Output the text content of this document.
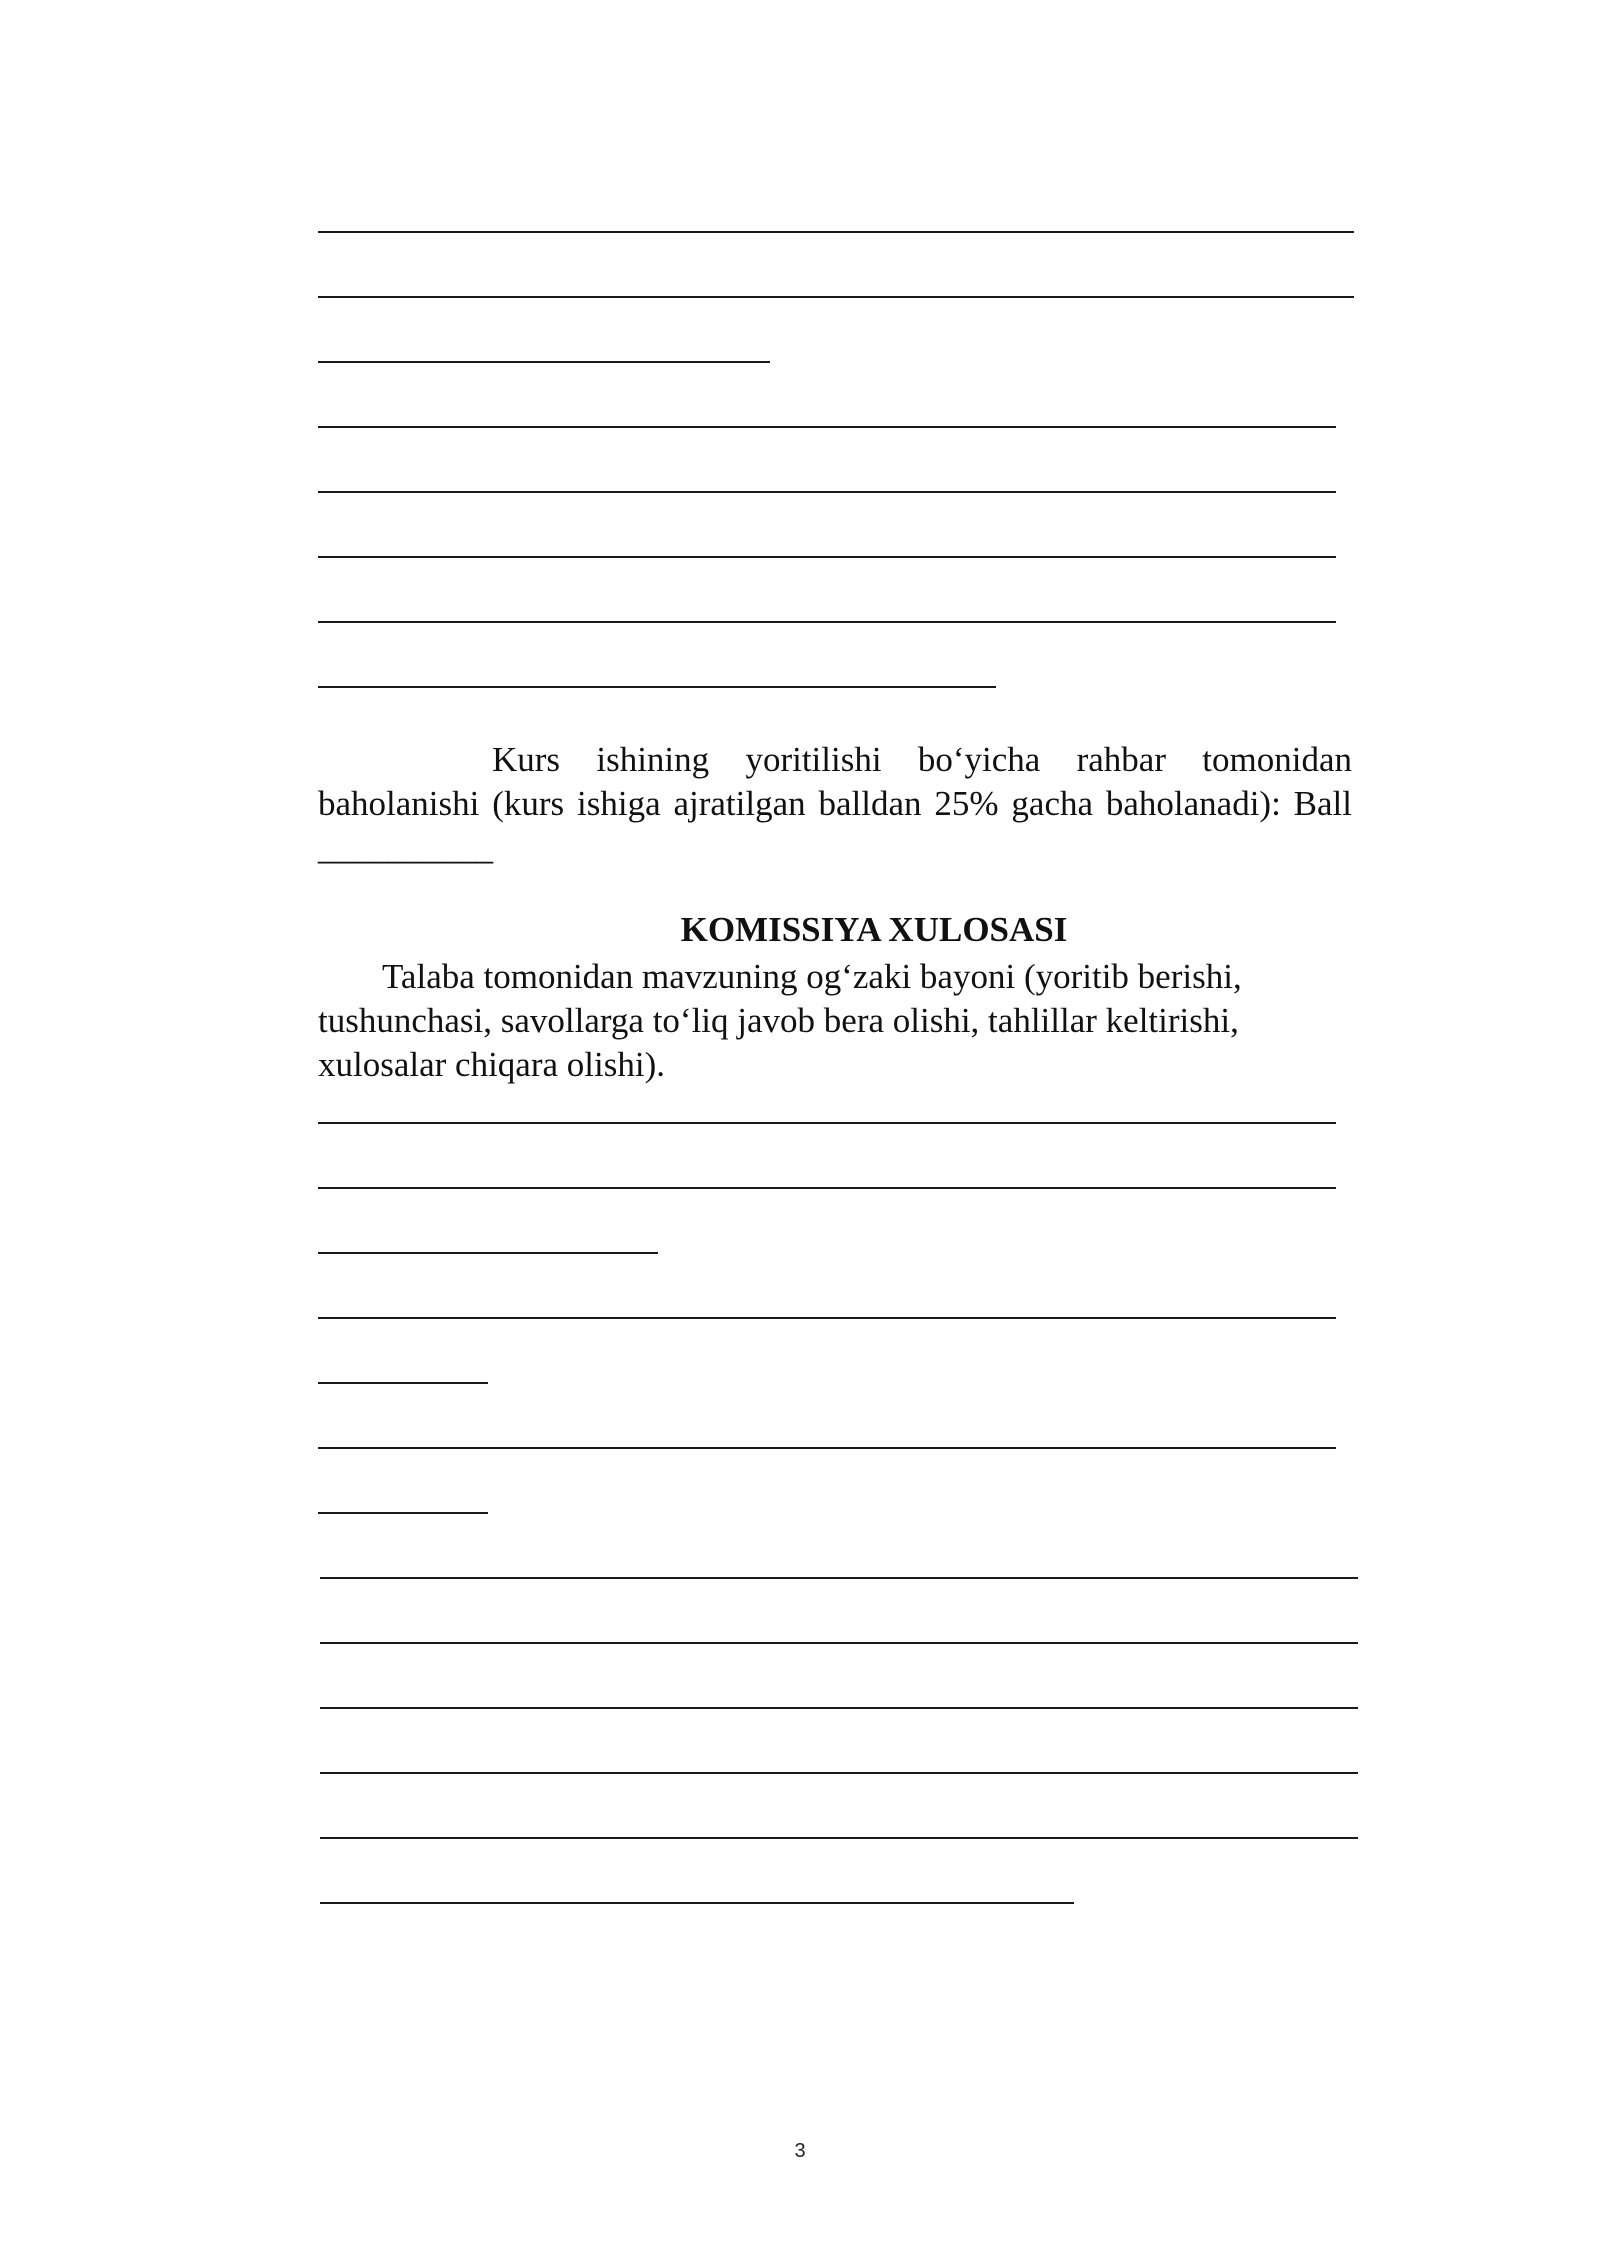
Kurs ishining yoritilishi bo‘yicha rahbar tomonidan baholanishi (kurs ishiga ajratilgan balldan 25% gacha baholanadi): Ball __________

KOMISSIYA XULOSASI

Talaba tomonidan mavzuning og‘zaki bayoni (yoritib berishi, tushunchasi, savollarga to‘liq javob bera olishi, tahlillar keltirishi, xulosalar chiqara olishi).

3
